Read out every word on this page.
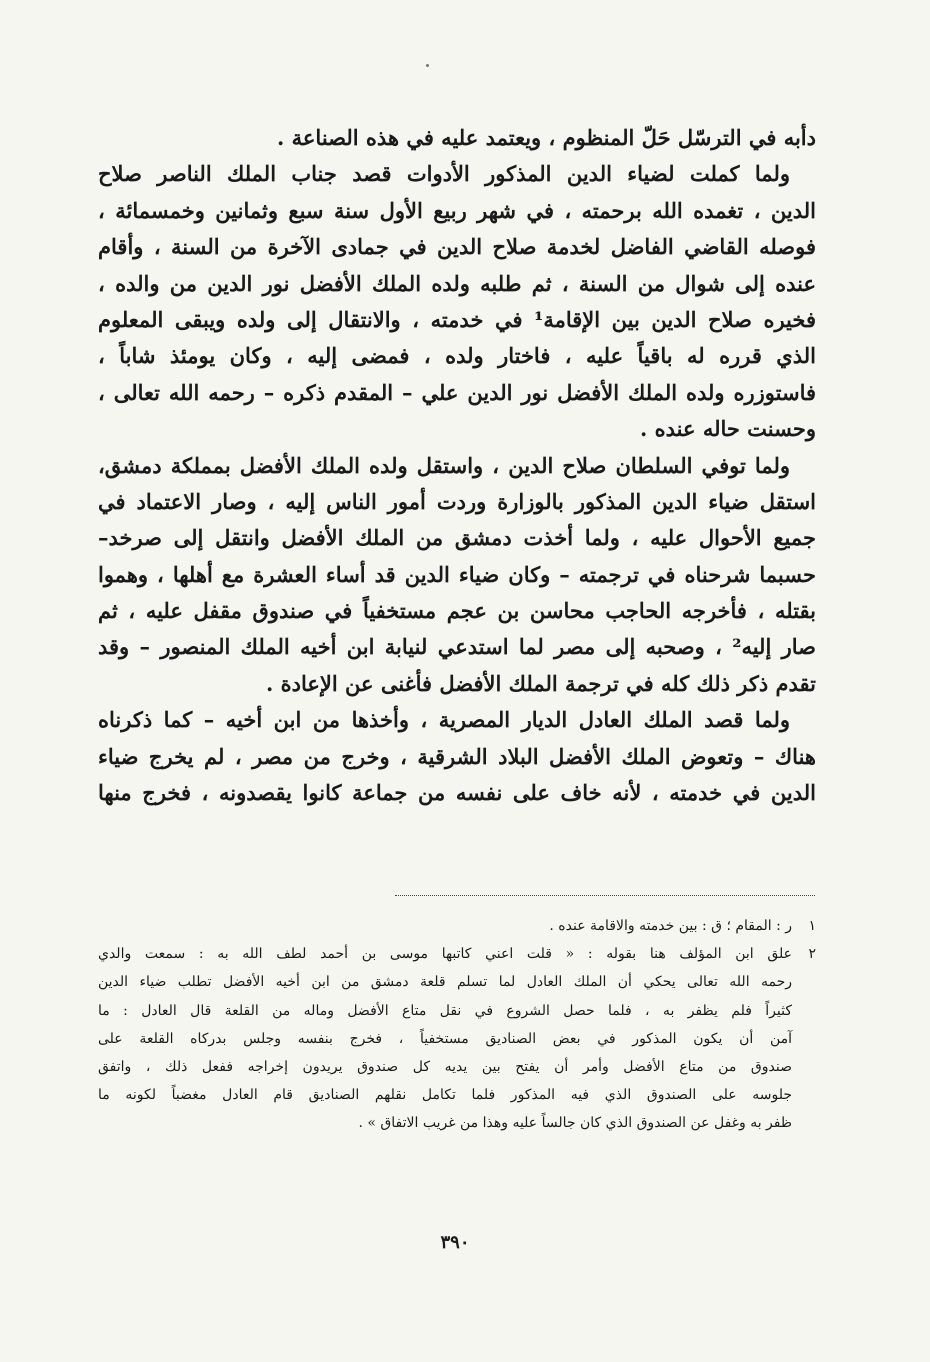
دأبه في الترسّل حَلّ المنظوم ، ويعتمد عليه في هذه الصناعة .
ولما كملت لضياء الدين المذكور الأدوات قصد جناب الملك الناصر صلاح
الدين ، تغمده الله برحمته ، في شهر ربيع الأول سنة سبع وثمانين وخمسمائة ،
فوصله القاضي الفاضل لخدمة صلاح الدين في جمادى الآخرة من السنة ، وأقام
عنده إلى شوال من السنة ، ثم طلبه ولده الملك الأفضل نور الدين من والده ،
فخيره صلاح الدين بين الإقامة¹ في خدمته ، والانتقال إلى ولده ويبقى المعلوم
الذي قرره له باقياً عليه ، فاختار ولده ، فمضى إليه ، وكان يومئذ شاباً ،
فاستوزره ولده الملك الأفضل نور الدين علي – المقدم ذكره – رحمه الله تعالى ،
وحسنت حاله عنده .
ولما توفي السلطان صلاح الدين ، واستقل ولده الملك الأفضل بمملكة دمشق،
استقل ضياء الدين المذكور بالوزارة وردت أمور الناس إليه ، وصار الاعتماد في
جميع الأحوال عليه ، ولما أخذت دمشق من الملك الأفضل وانتقل إلى صرخد–
حسبما شرحناه في ترجمته – وكان ضياء الدين قد أساء العشرة مع أهلها ، وهموا
بقتله ، فأخرجه الحاجب محاسن بن عجم مستخفياً في صندوق مقفل عليه ، ثم
صار إليه² ، وصحبه إلى مصر لما استدعي لنيابة ابن أخيه الملك المنصور – وقد
تقدم ذكر ذلك كله في ترجمة الملك الأفضل فأغنى عن الإعادة .
ولما قصد الملك العادل الديار المصرية ، وأخذها من ابن أخيه – كما ذكرناه
هناك – وتعوض الملك الأفضل البلاد الشرقية ، وخرج من مصر ، لم يخرج ضياء
الدين في خدمته ، لأنه خاف على نفسه من جماعة كانوا يقصدونه ، فخرج منها
١ر : المقام ؛ ق : بين خدمته والاقامة عنده .
٢علق ابن المؤلف هنا بقوله : « قلت اعني كاتبها موسى بن أحمد لطف الله به : سمعت والدي
رحمه الله تعالى يحكي أن الملك العادل لما تسلم قلعة دمشق من ابن أخيه الأفضل تطلب ضياء الدين
كثيراً فلم يظفر به ، فلما حصل الشروع في نقل متاع الأفضل وماله من القلعة قال العادل : ما
آمن أن يكون المذكور في بعض الصناديق مستخفياً ، فخرج بنفسه وجلس بدركاه القلعة على
صندوق من متاع الأفضل وأمر أن يفتح بين يديه كل صندوق يريدون إخراجه ففعل ذلك ، واتفق
جلوسه على الصندوق الذي فيه المذكور فلما تكامل نقلهم الصناديق قام العادل مغضباً لكونه ما
ظفر به وغفل عن الصندوق الذي كان جالساً عليه وهذا من غريب الاتفاق » .
٣٩٠
